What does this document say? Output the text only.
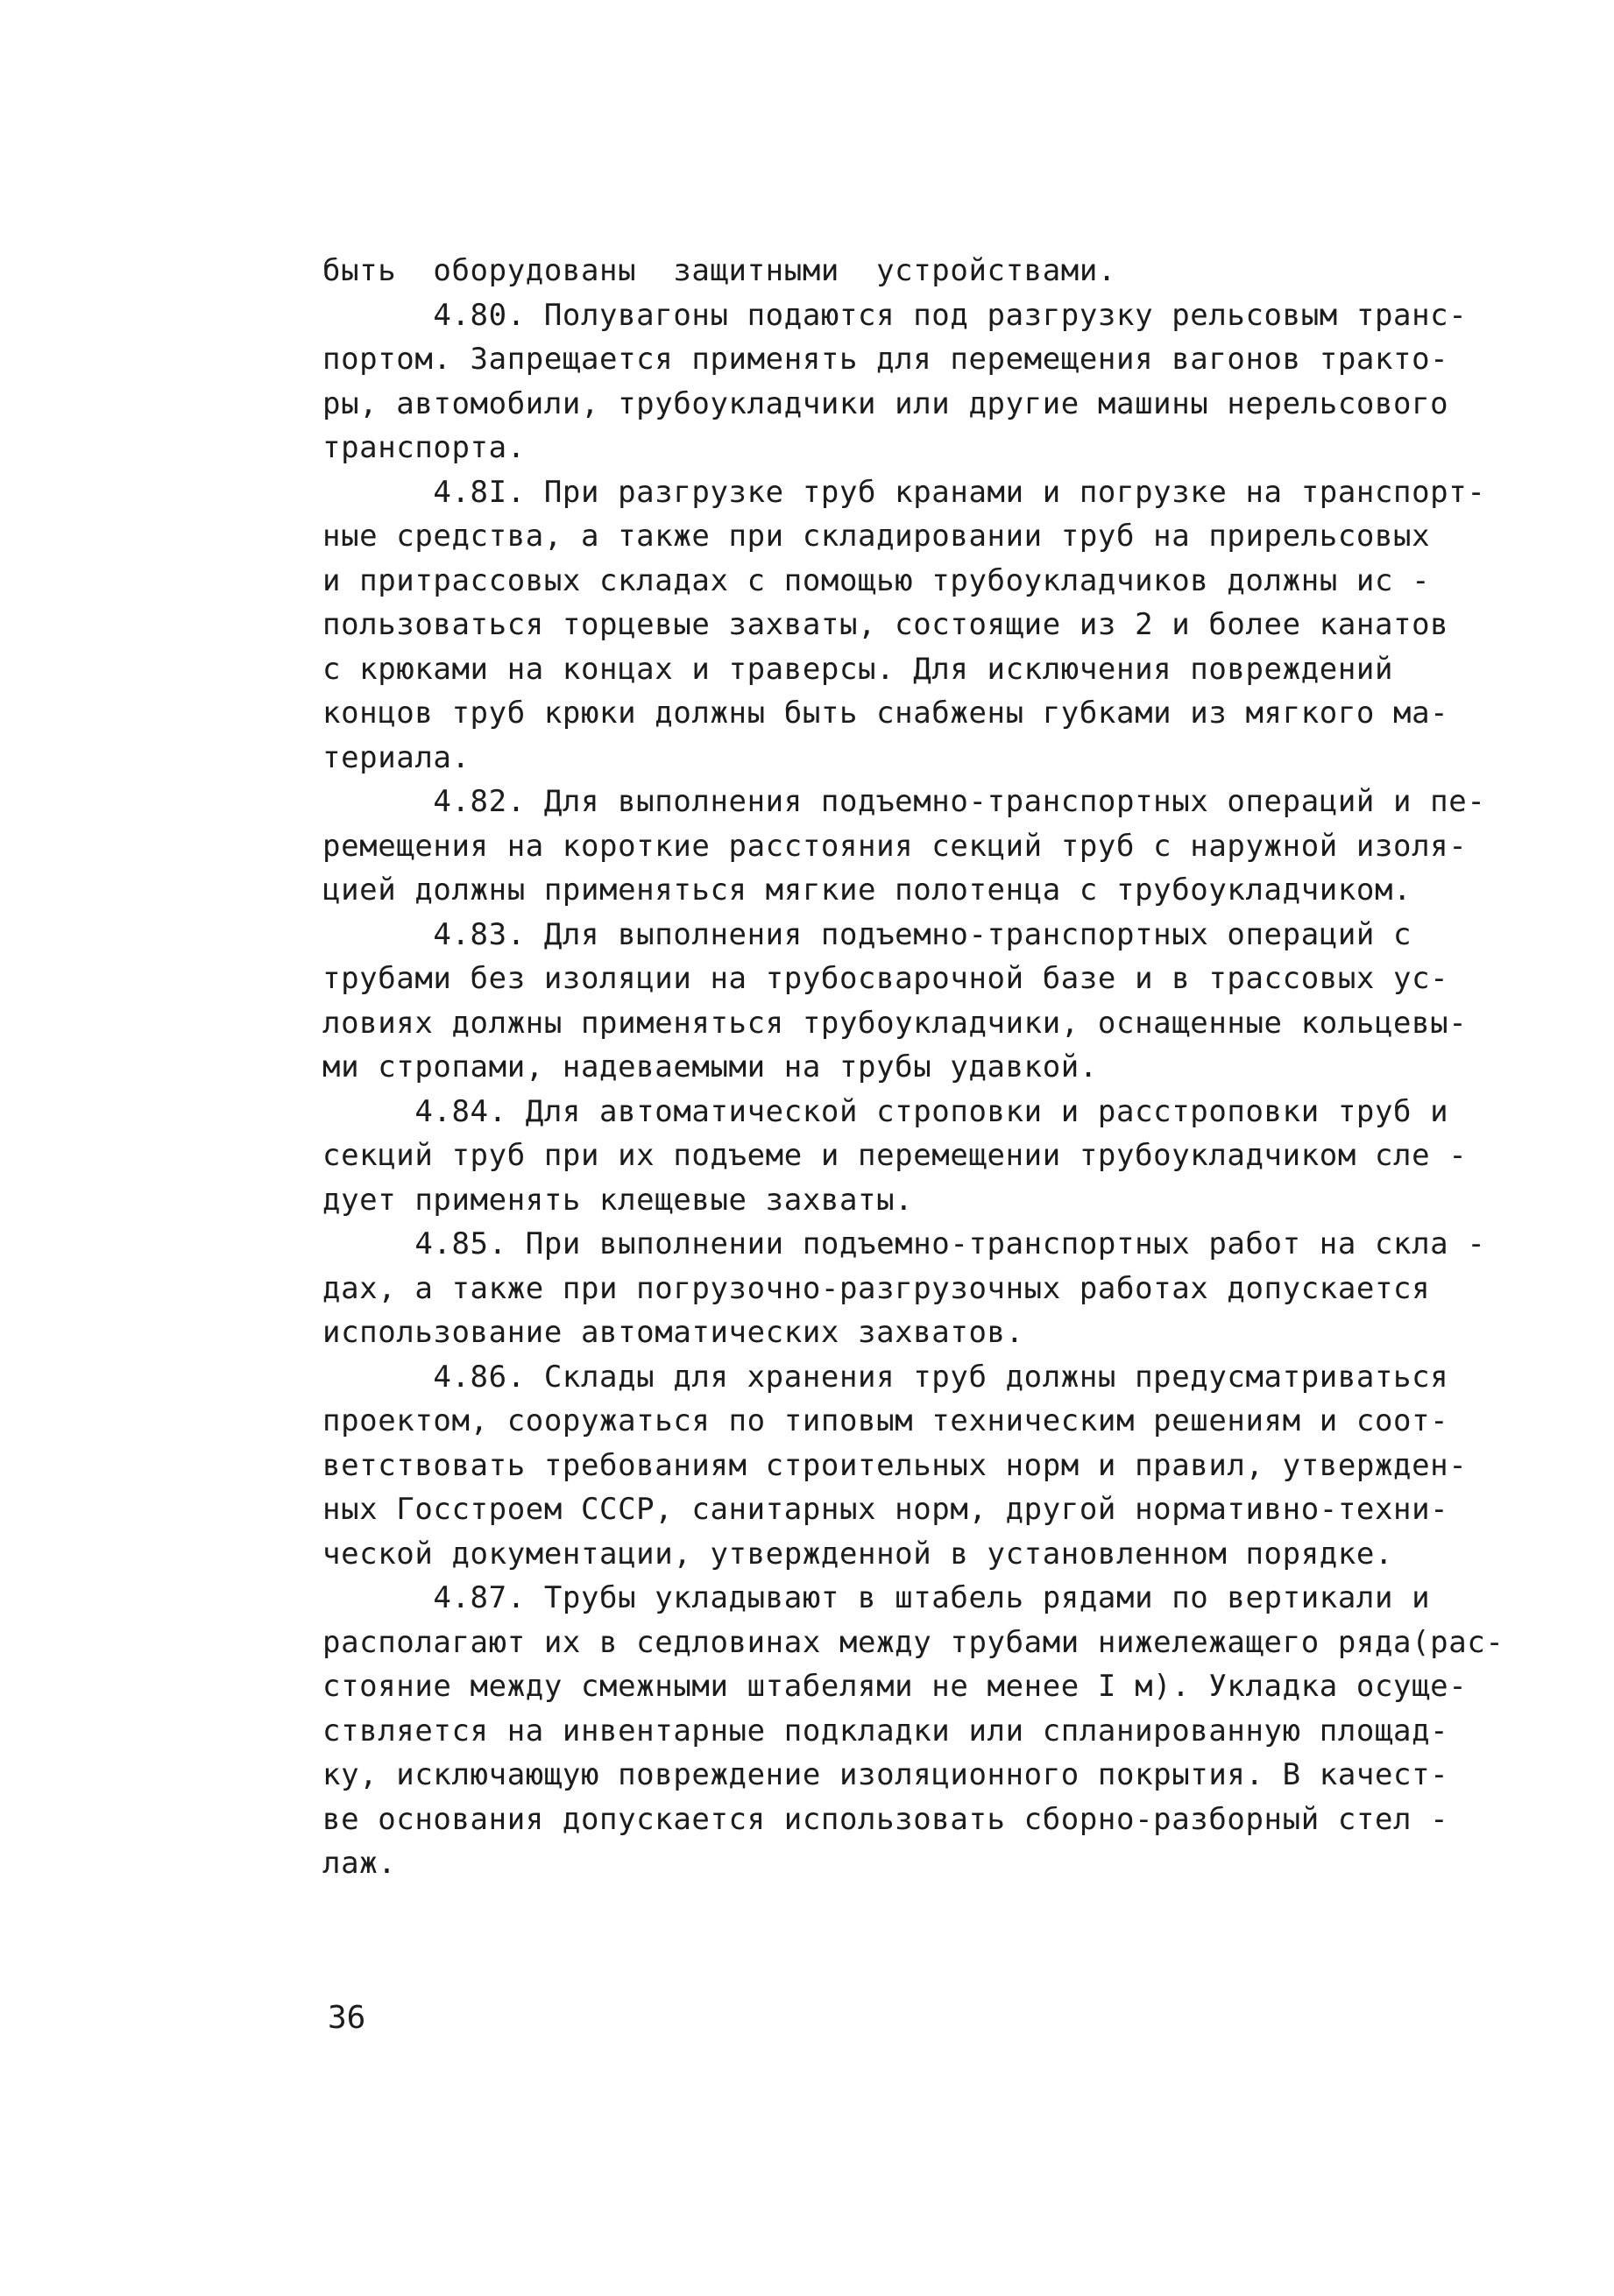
быть  оборудованы  защитными  устройствами.
4.80. Полувагоны подаются под разгрузку рельсовым транс-
портом. Запрещается применять для перемещения вагонов тракто-
ры, автомобили, трубоукладчики или другие машины нерельсового
транспорта.
4.8I. При разгрузке труб кранами и погрузке на транспорт-
ные средства, а также при складировании труб на прирельсовых
и притрассовых складах с помощью трубоукладчиков должны ис -
пользоваться торцевые захваты, состоящие из 2 и более канатов
с крюками на концах и траверсы. Для исключения повреждений
концов труб крюки должны быть снабжены губками из мягкого ма-
териала.
4.82. Для выполнения подъемно-транспортных операций и пе-
ремещения на короткие расстояния секций труб с наружной изоля-
цией должны применяться мягкие полотенца с трубоукладчиком.
4.83. Для выполнения подъемно-транспортных операций с
трубами без изоляции на трубосварочной базе и в трассовых ус-
ловиях должны применяться трубоукладчики, оснащенные кольцевы-
ми стропами, надеваемыми на трубы удавкой.
4.84. Для автоматической строповки и расстроповки труб и
секций труб при их подъеме и перемещении трубоукладчиком сле -
дует применять клещевые захваты.
4.85. При выполнении подъемно-транспортных работ на скла -
дах, а также при погрузочно-разгрузочных работах допускается
использование автоматических захватов.
4.86. Склады для хранения труб должны предусматриваться
проектом, сооружаться по типовым техническим решениям и соот-
ветствовать требованиям строительных норм и правил, утвержден-
ных Госстроем СССР, санитарных норм, другой нормативно-техни-
ческой документации, утвержденной в установленном порядке.
4.87. Трубы укладывают в штабель рядами по вертикали и
располагают их в седловинах между трубами нижележащего ряда(рас-
стояние между смежными штабелями не менее I м). Укладка осуще-
ствляется на инвентарные подкладки или спланированную площад-
ку, исключающую повреждение изоляционного покрытия. В качест-
ве основания допускается использовать сборно-разборный стел -
лаж.
36
